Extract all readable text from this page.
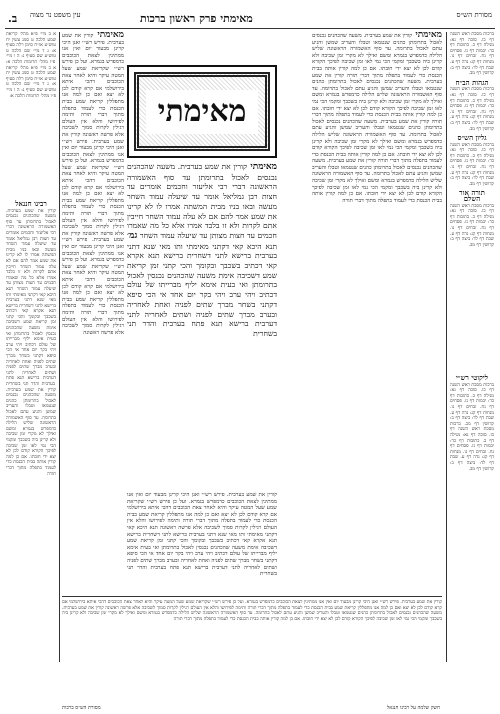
מסורת הש״ס
מאימתי פרק ראשון ברכות
עין משפט נר מצוה
ב.
ברכות מסכת ראש השנה דף כז. סוכה דף נא: מגילה דף כ. כתובות דף כד: יבמות דף נז. פסחים דף נח. זבחים דף נו. מנחות דף קג: נדה דף ע. שבת דף לד: ביצה דף ב: קדושין דף מב.
הגהות הב״ח
ברכות מסכת ראש השנה דף כז. סוכה דף נא: מגילה דף כ. כתובות דף כד: יבמות דף נז. פסחים דף נח. זבחים דף נו. מנחות דף קג: נדה דף ע. שבת דף לד: ביצה דף ב: קדושין דף מב.
גליון הש״ס
ברכות מסכת ראש השנה דף כז. סוכה דף נא: מגילה דף כ. כתובות דף כד: יבמות דף נז. פסחים דף נח. זבחים דף נו. מנחות דף קג: נדה דף ע. שבת דף לד: ביצה דף ב: קדושין דף מב.
תורה אור השלם
ברכות מסכת ראש השנה דף כז. סוכה דף נא: מגילה דף כ. כתובות דף כד: יבמות דף נז. פסחים דף נח. זבחים דף נו. מנחות דף קג: נדה דף ע. שבת דף לד: ביצה דף ב: קדושין דף מב.
ליקוטי רש״י
ברכות מסכת ראש השנה דף כז. סוכה דף נא: מגילה דף כ. כתובות דף כד: יבמות דף נז. פסחים דף נח. זבחים דף נו. מנחות דף קג: נדה דף ע. שבת דף לד: ביצה דף ב: קדושין דף מב. ברכות מסכת ראש השנה דף כז. סוכה דף נא: מגילה דף כ. כתובות דף כד: יבמות דף נז. פסחים דף נח. זבחים דף נו. מנחות דף קג: נדה דף ע. שבת דף לד: ביצה דף ב: קדושין דף מב.
מאימתי קורין את שמע בערבית. משעה שהכהנים נכנסים לאכול בתרומתן כהנים שנטמאו וטבלו והעריב שמשן והגיע עתם לאכול בתרומה. עד סוף האשמורה הראשונה שליש הלילה כדמפרש בגמרא ומשם ואילך לא מקרי זמן שכיבה ולא קרינן ביה בשכבך ומקמי הכי נמי לאו זמן שכיבה לפיכך הקורא קודם לכן לא יצא ידי חובתו. אם כן למה קורין אותה בבית הכנסת כדי לעמוד בתפלה מתוך דברי תורה קורין את שמע בערבית. משעה שהכהנים נכנסים לאכול בתרומתן כהנים שנטמאו וטבלו והעריב שמשן והגיע עתם לאכול בתרומה. עד סוף האשמורה הראשונה שליש הלילה כדמפרש בגמרא ומשם ואילך לא מקרי זמן שכיבה ולא קרינן ביה בשכבך ומקמי הכי נמי לאו זמן שכיבה לפיכך הקורא קודם לכן לא יצא ידי חובתו. אם כן למה קורין אותה בבית הכנסת כדי לעמוד בתפלה מתוך דברי תורה קורין את שמע בערבית. משעה שהכהנים נכנסים לאכול בתרומתן כהנים שנטמאו וטבלו והעריב שמשן והגיע עתם לאכול בתרומה. עד סוף האשמורה הראשונה שליש הלילה כדמפרש בגמרא ומשם ואילך לא מקרי זמן שכיבה ולא קרינן ביה בשכבך ומקמי הכי נמי לאו זמן שכיבה לפיכך הקורא קודם לכן לא יצא ידי חובתו. אם כן למה קורין אותה בבית הכנסת כדי לעמוד בתפלה מתוך דברי תורה קורין את שמע בערבית. משעה שהכהנים נכנסים לאכול בתרומתן כהנים שנטמאו וטבלו והעריב שמשן והגיע עתם לאכול בתרומה. עד סוף האשמורה הראשונה שליש הלילה כדמפרש בגמרא ומשם ואילך לא מקרי זמן שכיבה ולא קרינן ביה בשכבך ומקמי הכי נמי לאו זמן שכיבה לפיכך הקורא קודם לכן לא יצא ידי חובתו. אם כן למה קורין אותה בבית הכנסת כדי לעמוד בתפלה מתוך דברי תורה
מאימתי
מאימתי קורין את שמע בערבית. משעה שהכהנים נכנסים לאכול בתרומתן עד סוף האשמורה הראשונה דברי רבי אליעזר וחכמים אומרים עד חצות רבן גמליאל אומר עד שיעלה עמוד השחר מעשה ובאו בניו מבית המשתה אמרו לו לא קרינו את שמע אמר להם אם לא עלה עמוד השחר חייבין אתם לקרות ולא זו בלבד אמרו אלא כל מה שאמרו חכמים עד חצות מצותן עד שיעלה עמוד השחר גמ׳ תנא היכא קאי דקתני מאימתי ותו מאי שנא דתני בערבית ברישא לתני דשחרית ברישא תנא אקרא קאי דכתיב בשכבך ובקומך והכי קתני זמן קריאת שמע דשכיבה אימת משעה שהכהנים נכנסין לאכול בתרומתן ואי בעית אימא יליף מברייתו של עולם דכתיב ויהי ערב ויהי בקר יום אחד אי הכי סיפא דקתני בשחר מברך שתים לפניה ואחת לאחריה ובערב מברך שתים לפניה ושתים לאחריה לתני דערבית ברישא תנא פתח בערבית והדר תני בשחרית
מאימתי קורין את שמע בערבית. פירש רש״י ואנן היכי קרינן מבעוד יום ואין אנו ממתינין לצאת הכוכבים כדמפרש בגמרא. ועל כן פירש רש״י שקריאת שמע שעל המטה עיקר והיא לאחר צאת הכוכבים דהכי איתא בירושלמי אם קרא קודם לכן לא יצא ואם כן למה אנו מתפללין קריאת שמע בבית הכנסת כדי לעמוד בתפלה מתוך דברי תורה ותימה לפירושו והלא אין העולם רגילין לקרות סמוך לשכיבה אלא פרשה ראשונה קורין את שמע בערבית. פירש רש״י ואנן היכי קרינן מבעוד יום ואין אנו ממתינין לצאת הכוכבים כדמפרש בגמרא. ועל כן פירש רש״י שקריאת שמע שעל המטה עיקר והיא לאחר צאת הכוכבים דהכי איתא בירושלמי אם קרא קודם לכן לא יצא ואם כן למה אנו מתפללין קריאת שמע בבית הכנסת כדי לעמוד בתפלה מתוך דברי תורה ותימה לפירושו והלא אין העולם רגילין לקרות סמוך לשכיבה אלא פרשה ראשונה קורין את שמע בערבית. פירש רש״י ואנן היכי קרינן מבעוד יום ואין אנו ממתינין לצאת הכוכבים כדמפרש בגמרא. ועל כן פירש רש״י שקריאת שמע שעל המטה עיקר והיא לאחר צאת הכוכבים דהכי איתא בירושלמי אם קרא קודם לכן לא יצא ואם כן למה אנו מתפללין קריאת שמע בבית הכנסת כדי לעמוד בתפלה מתוך דברי תורה ותימה לפירושו והלא אין העולם רגילין לקרות סמוך לשכיבה אלא פרשה ראשונה
קורין את שמע בערבית. פירש רש״י ואנן היכי קרינן מבעוד יום ואין אנו ממתינין לצאת הכוכבים כדמפרש בגמרא. ועל כן פירש רש״י שקריאת שמע שעל המטה עיקר והיא לאחר צאת הכוכבים דהכי איתא בירושלמי אם קרא קודם לכן לא יצא ואם כן למה אנו מתפללין קריאת שמע בבית הכנסת כדי לעמוד בתפלה מתוך דברי תורה ותימה לפירושו והלא אין העולם רגילין לקרות סמוך לשכיבה אלא פרשה ראשונה תנא היכא קאי דקתני מאימתי ותו מאי שנא דתני בערבית ברישא לתני דשחרית ברישא תנא אקרא קאי דכתיב בשכבך ובקומך והכי קתני זמן קריאת שמע דשכיבה אימת משעה שהכהנים נכנסין לאכול בתרומתן ואי בעית אימא יליף מברייתו של עולם דכתיב ויהי ערב ויהי בקר יום אחד אי הכי סיפא דקתני בשחר מברך שתים לפניה ואחת לאחריה ובערב מברך שתים לפניה ושתים לאחריה לתני דערבית ברישא תנא פתח בערבית והדר תני בשחרית
א ב מיי׳ פ״א מהל׳ קריאת שמע הלכה ט סמג עשין יח טוש״ע או״ח סימן רלה סעיף א: ג ד מיי׳ שם הלכה ט טוש״ע שם סעיף ג: ה ו מיי׳ פ״ו מהל׳ תרומות הלכה א: א ב מיי׳ פ״א מהל׳ קריאת שמע הלכה ט סמג עשין יח טוש״ע או״ח סימן רלה סעיף א: ג ד מיי׳ שם הלכה ט טוש״ע שם סעיף ג: ה ו מיי׳ פ״ו מהל׳ תרומות הלכה א:
רבינו חננאל
קורין את שמע בערבית. משעה שהכהנים נכנסים לאכול בתרומתן עד סוף האשמורה הראשונה דברי רבי אליעזר וחכמים אומרים עד חצות רבן גמליאל אומר עד שיעלה עמוד השחר מעשה ובאו בניו מבית המשתה אמרו לו לא קרינו את שמע אמר להם אם לא עלה עמוד השחר חייבין אתם לקרות ולא זו בלבד אמרו אלא כל מה שאמרו חכמים עד חצות מצותן עד שיעלה עמוד השחר תנא היכא קאי דקתני מאימתי ותו מאי שנא דתני בערבית ברישא לתני דשחרית ברישא תנא אקרא קאי דכתיב בשכבך ובקומך והכי קתני זמן קריאת שמע דשכיבה אימת משעה שהכהנים נכנסין לאכול בתרומתן ואי בעית אימא יליף מברייתו של עולם דכתיב ויהי ערב ויהי בקר יום אחד אי הכי סיפא דקתני בשחר מברך שתים לפניה ואחת לאחריה ובערב מברך שתים לפניה ושתים לאחריה לתני דערבית ברישא תנא פתח בערבית והדר תני בשחרית קורין את שמע בערבית. משעה שהכהנים נכנסים לאכול בתרומתן כהנים שנטמאו וטבלו והעריב שמשן והגיע עתם לאכול בתרומה. עד סוף האשמורה הראשונה שליש הלילה כדמפרש בגמרא ומשם ואילך לא מקרי זמן שכיבה ולא קרינן ביה בשכבך ומקמי הכי נמי לאו זמן שכיבה לפיכך הקורא קודם לכן לא יצא ידי חובתו. אם כן למה קורין אותה בבית הכנסת כדי לעמוד בתפלה מתוך דברי תורה
קורין את שמע בערבית. פירש רש״י ואנן היכי קרינן מבעוד יום ואין אנו ממתינין לצאת הכוכבים כדמפרש בגמרא. ועל כן פירש רש״י שקריאת שמע שעל המטה עיקר והיא לאחר צאת הכוכבים דהכי איתא בירושלמי אם קרא קודם לכן לא יצא ואם כן למה אנו מתפללין קריאת שמע בבית הכנסת כדי לעמוד בתפלה מתוך דברי תורה ותימה לפירושו והלא אין העולם רגילין לקרות סמוך לשכיבה אלא פרשה ראשונה קורין את שמע בערבית. משעה שהכהנים נכנסים לאכול בתרומתן כהנים שנטמאו וטבלו והעריב שמשן והגיע עתם לאכול בתרומה. עד סוף האשמורה הראשונה שליש הלילה כדמפרש בגמרא ומשם ואילך לא מקרי זמן שכיבה ולא קרינן ביה בשכבך ומקמי הכי נמי לאו זמן שכיבה לפיכך הקורא קודם לכן לא יצא ידי חובתו. אם כן למה קורין אותה בבית הכנסת כדי לעמוד בתפלה מתוך דברי תורה
חשק שלמה על רבינו חננאל
מסורת הש״ס ברכות
